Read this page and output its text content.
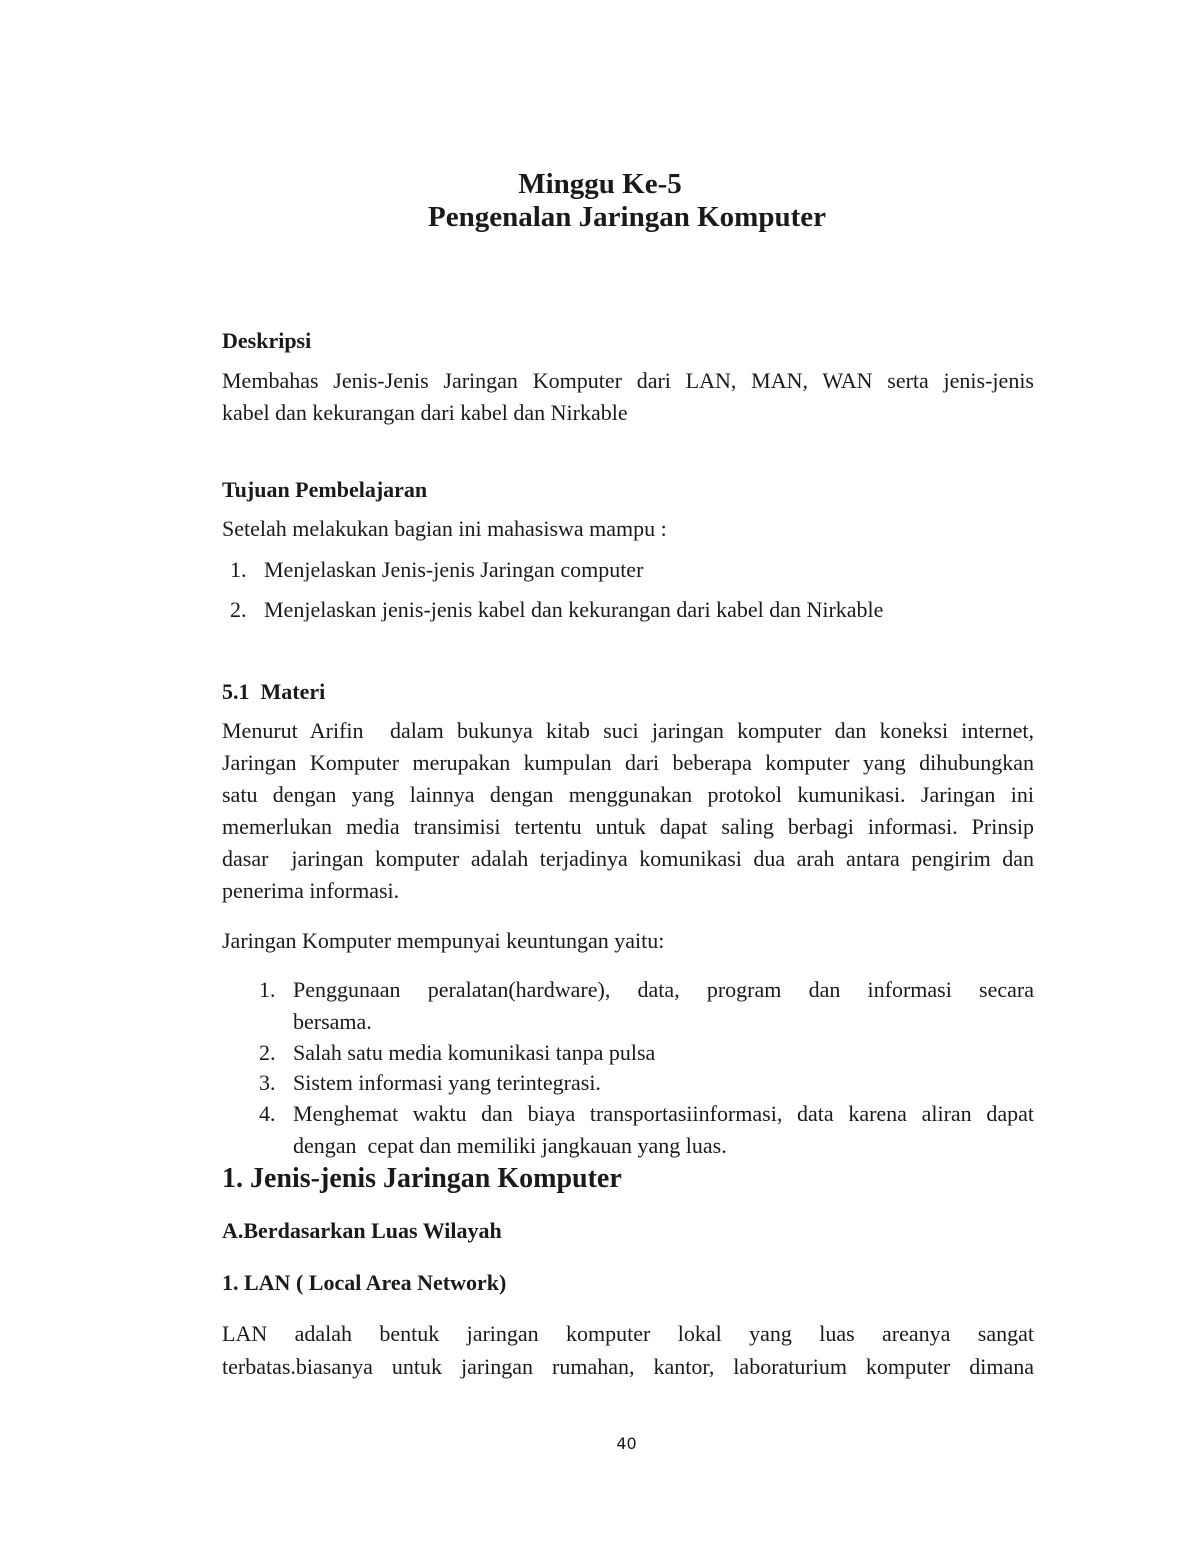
Minggu Ke-5
Pengenalan Jaringan Komputer
Deskripsi
Membahas Jenis-Jenis Jaringan Komputer dari LAN, MAN, WAN serta jenis-jenis
kabel dan kekurangan dari kabel dan Nirkable
Tujuan Pembelajaran
Setelah melakukan bagian ini mahasiswa mampu :
1. Menjelaskan Jenis-jenis Jaringan computer
2. Menjelaskan jenis-jenis kabel dan kekurangan dari kabel dan Nirkable
5.1  Materi
Menurut Arifin  dalam bukunya kitab suci jaringan komputer dan koneksi internet,
Jaringan Komputer merupakan kumpulan dari beberapa komputer yang dihubungkan
satu dengan yang lainnya dengan menggunakan protokol kumunikasi. Jaringan ini
memerlukan media transimisi tertentu untuk dapat saling berbagi informasi. Prinsip
dasar  jaringan komputer adalah terjadinya komunikasi dua arah antara pengirim dan
penerima informasi.
Jaringan Komputer mempunyai keuntungan yaitu:
1. Penggunaan peralatan(hardware), data, program dan informasi secara
bersama.
2. Salah satu media komunikasi tanpa pulsa
3. Sistem informasi yang terintegrasi.
4. Menghemat waktu dan biaya transportasiinformasi, data karena aliran dapat
dengan  cepat dan memiliki jangkauan yang luas.
1. Jenis-jenis Jaringan Komputer
A.Berdasarkan Luas Wilayah
1. LAN ( Local Area Network)
LAN adalah bentuk jaringan komputer lokal yang luas areanya sangat
terbatas.biasanya untuk jaringan rumahan, kantor, laboraturium komputer dimana
40
